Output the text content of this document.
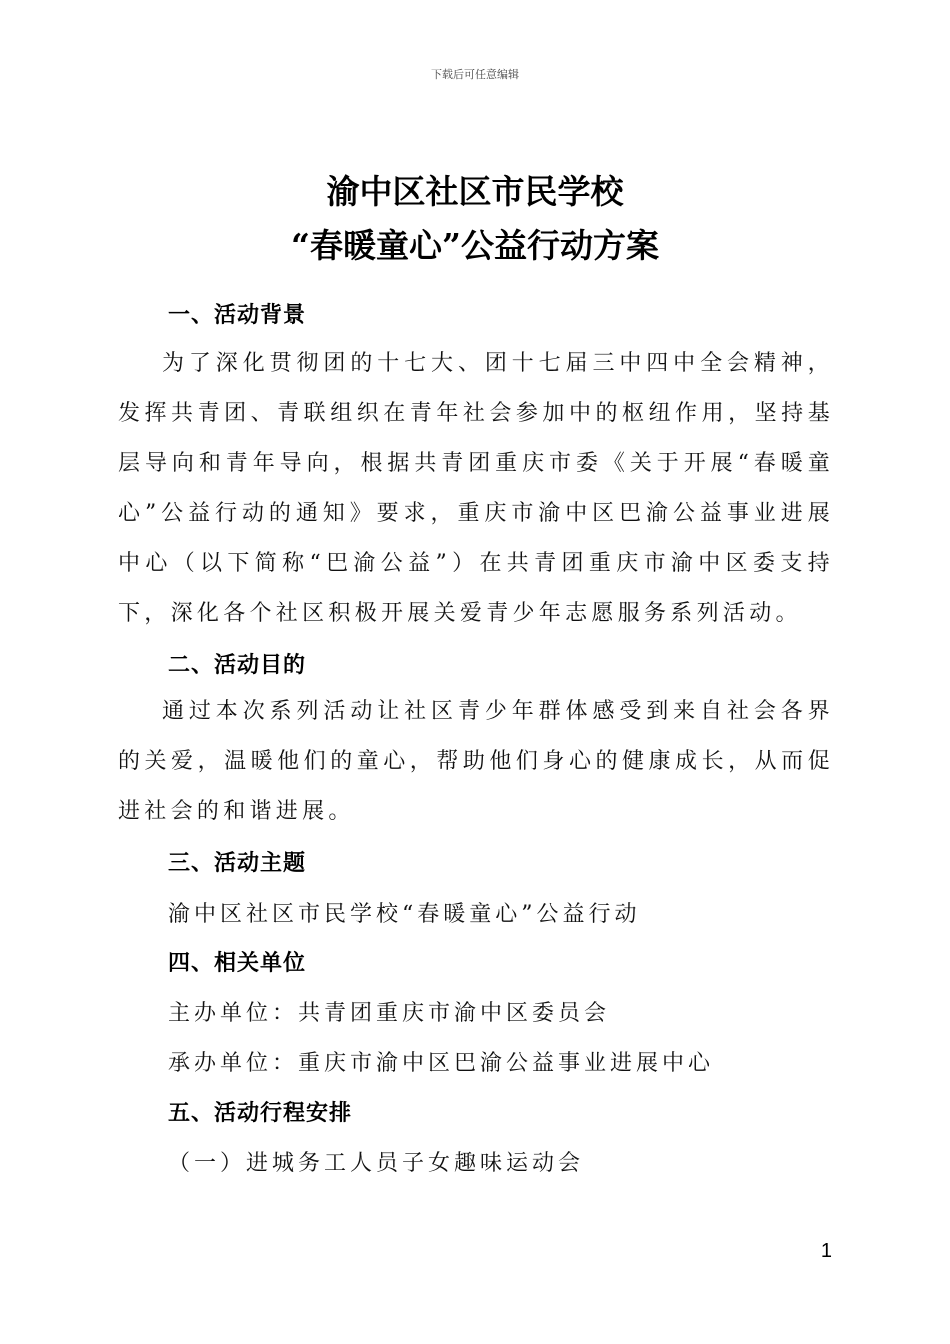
下载后可任意编辑
渝中区社区市民学校
“春暖童心”公益行动方案
一、活动背景
为了深化贯彻团的十七大、团十七届三中四中全会精神，发挥共青团、青联组织在青年社会参加中的枢纽作用，坚持基层导向和青年导向，根据共青团重庆市委《关于开展“春暖童心”公益行动的通知》要求，重庆市渝中区巴渝公益事业进展中心（以下简称“巴渝公益”）在共青团重庆市渝中区委支持下，深化各个社区积极开展关爱青少年志愿服务系列活动。
二、活动目的
通过本次系列活动让社区青少年群体感受到来自社会各界的关爱，温暖他们的童心，帮助他们身心的健康成长，从而促进社会的和谐进展。
三、活动主题
渝中区社区市民学校“春暖童心”公益行动
四、相关单位
主办单位：共青团重庆市渝中区委员会
承办单位：重庆市渝中区巴渝公益事业进展中心
五、活动行程安排
（一）进城务工人员子女趣味运动会
1
